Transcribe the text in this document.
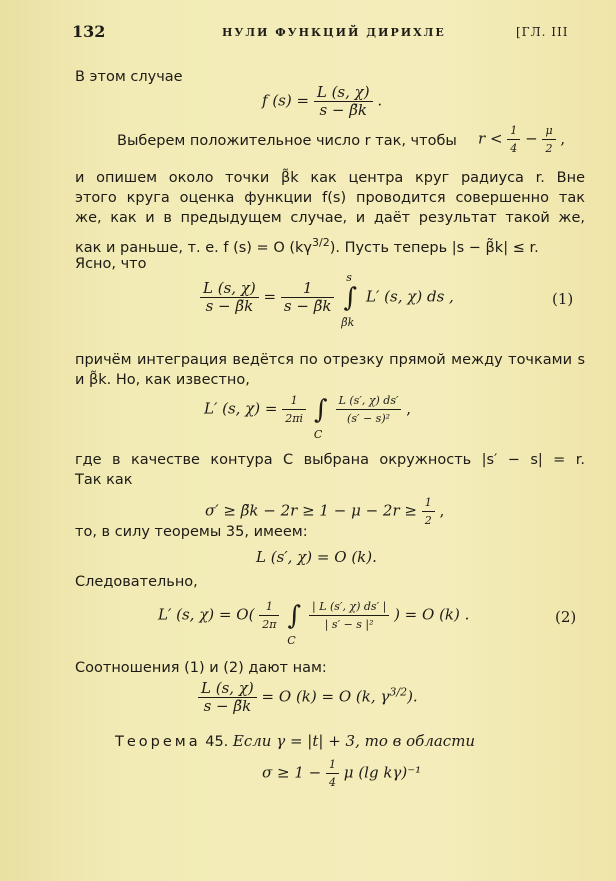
132	НУЛИ ФУНКЦИЙ ДИРИХЛЕ	[ГЛ. III
В этом случае
f $(s) = \frac{L (s, \chi)}{s - \betãk}$ .
Выберем положительное число r так, чтобы $r < \frac{1}{4} - \frac{\mu}{2}$ ,
и опишем около точки β̃k как центра круг радиуса r. Вне
этого круга оценка функции f(s) проводится совершенно так
же, как и в предыдущем случае, и даёт результат такой же,
как и раньше, т. е. f (s) = O $(k\gamma^{3/2})$. Пусть теперь |s − β̃k| ≤ r.
Ясно, что
$\frac{L (s, \chi)}{s - \betãk} = \frac{1}{s - \betãk}$

s
∫
β̃k
L′ (s, χ) ds ,	(1)
причём интеграция ведётся по отрезку прямой между точками s
и β̃k. Но, как известно,
L′ (s, $\chi) = \frac{1}{2\pi i}$ ∫
C

$\frac{L (s', \chi) ds'}{\text{(s′ − s)²}}$ ,
где в качестве контура C выбрана окружность |s′ − s| = r.
Так как
σ′ ≥ β̃k − $2r \ge 1 - \mu - 2r \ge \frac{1}{2}$ ,
то, в силу теоремы 35, имеем:
L (s′, χ) = O (k).
Следовательно,
L′ (s, $\chi) = O( \frac{1}{2\pi}$ ∫
C

$\frac{| L (s', \chi) ds' |}{\text{| s′ − s |²}}$ ) = O (k) .	(2)
Соотношения (1) и (2) дают нам:
$\frac{L (s, \chi)}{s - \betãk} = O$ (k) = O (k, $\gamma^{3/2}$).
Теорема 45. Если γ = |t| + 3, то в области
$\sigma \ge 1 - \frac{1}{4}$ μ (lg kγ)⁻¹
